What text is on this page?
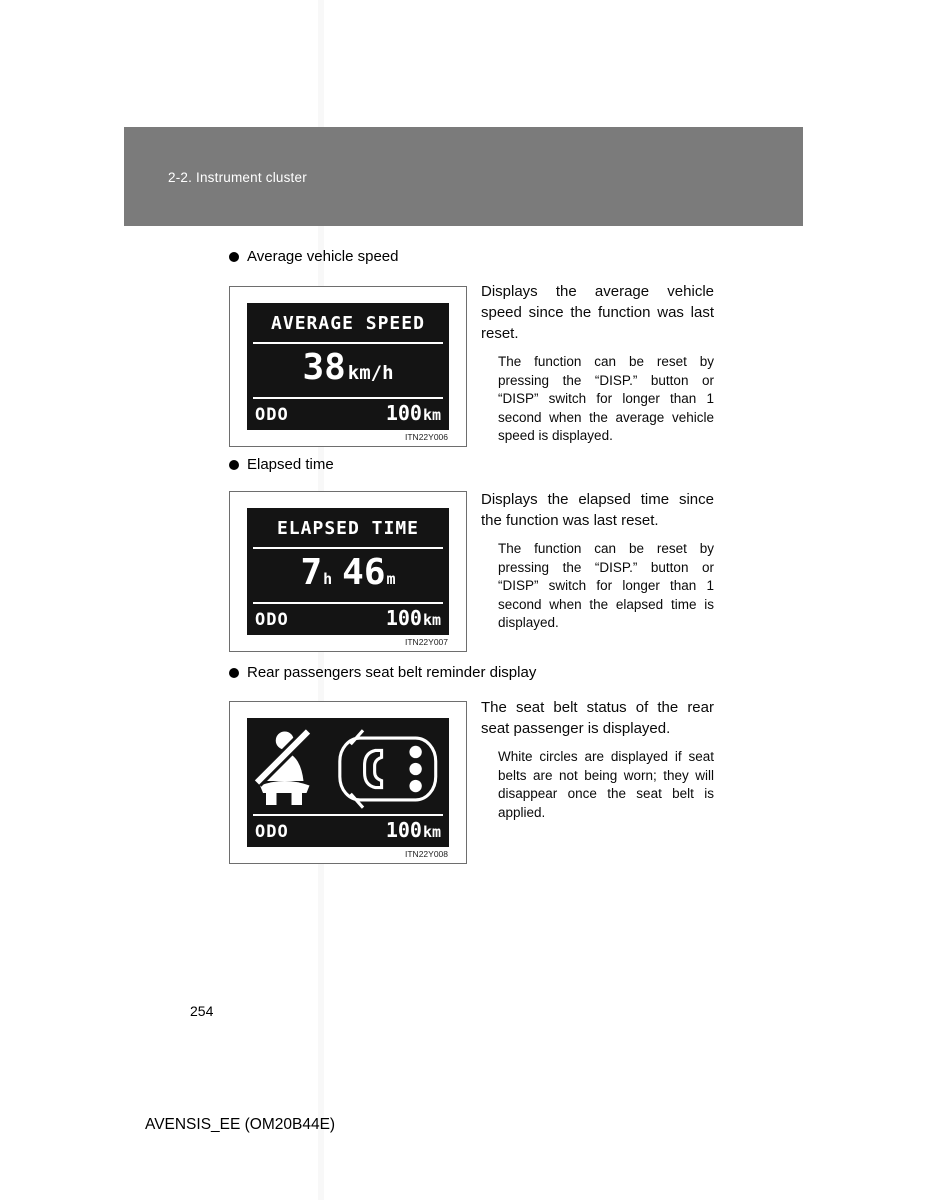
2-2. Instrument cluster
Average vehicle speed
AVERAGE SPEED
38 km/h
ODO	100km
ITN22Y006
Displays the average vehicle speed since the function was last reset.
The function can be reset by pressing the “DISP.” button or “DISP” switch for longer than 1 second when the average vehicle speed is displayed.
Elapsed time
ELAPSED TIME
7 h 46 m
ODO	100km
ITN22Y007
Displays the elapsed time since the function was last reset.
The function can be reset by pressing the “DISP.” button or “DISP” switch for longer than 1 second when the elapsed time is displayed.
Rear passengers seat belt reminder display
ODO	100km
ITN22Y008
The seat belt status of the rear seat passenger is displayed.
White circles are displayed if seat belts are not being worn; they will disappear once the seat belt is applied.
254
AVENSIS_EE (OM20B44E)
